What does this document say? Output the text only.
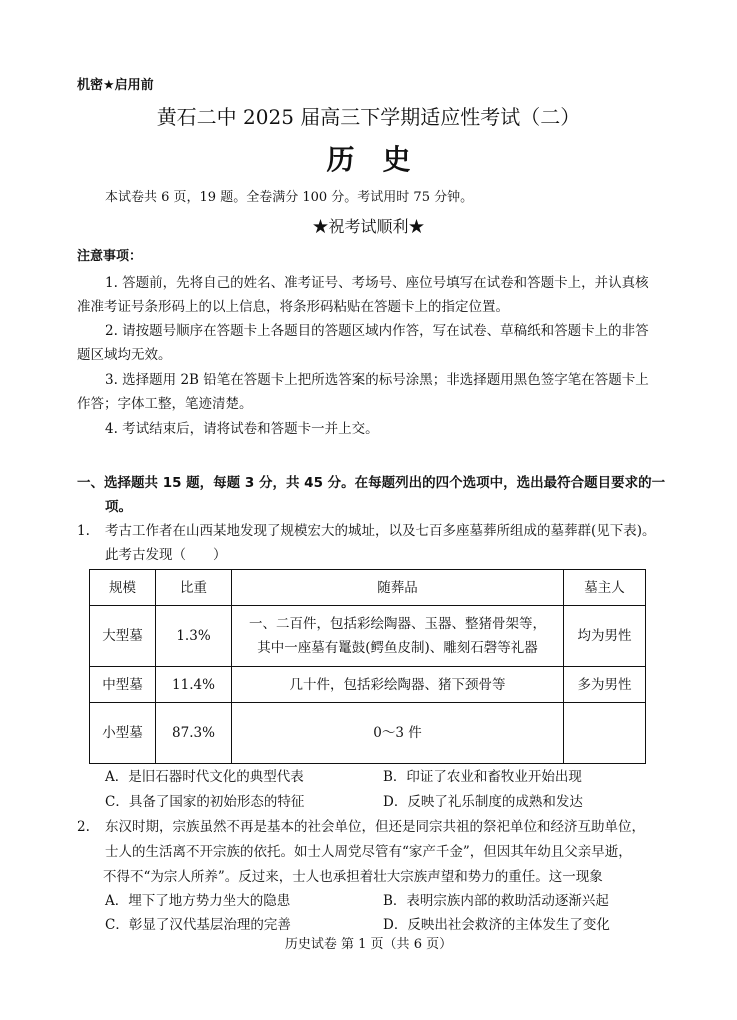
机密★启用前
黄石二中 2025 届高三下学期适应性考试（二）
历　史
本试卷共 6 页，19 题。全卷满分 100 分。考试用时 75 分钟。
★祝考试顺利★
注意事项：
1. 答题前，先将自己的姓名、准考证号、考场号、座位号填写在试卷和答题卡上，并认真核
准准考证号条形码上的以上信息，将条形码粘贴在答题卡上的指定位置。
2. 请按题号顺序在答题卡上各题目的答题区域内作答，写在试卷、草稿纸和答题卡上的非答
题区域均无效。
3. 选择题用 2B 铅笔在答题卡上把所选答案的标号涂黑；非选择题用黑色签字笔在答题卡上
作答；字体工整，笔迹清楚。
4. 考试结束后，请将试卷和答题卡一并上交。
一、选择题共 15 题，每题 3 分，共 45 分。在每题列出的四个选项中，选出最符合题目要求的一
项。
1. 考古工作者在山西某地发现了规模宏大的城址，以及七百多座墓葬所组成的墓葬群(见下表)。
此考古发现（　　）
规模	比重	随葬品	墓主人
大型墓	1.3%	一、二百件，包括彩绘陶器、玉器、整猪骨架等，
其中一座墓有鼍鼓(鳄鱼皮制)、雕刻石磬等礼器	均为男性
中型墓	11.4%	几十件，包括彩绘陶器、猪下颈骨等	多为男性
小型墓	87.3%	0～3 件	
A．是旧石器时代文化的典型代表	B．印证了农业和畜牧业开始出现
C．具备了国家的初始形态的特征	D．反映了礼乐制度的成熟和发达
2. 东汉时期，宗族虽然不再是基本的社会单位，但还是同宗共祖的祭祀单位和经济互助单位，
士人的生活离不开宗族的依托。如士人周党尽管有“家产千金”，但因其年幼且父亲早逝，
不得不“为宗人所养”。反过来，士人也承担着壮大宗族声望和势力的重任。这一现象
A．埋下了地方势力坐大的隐患	B．表明宗族内部的救助活动逐渐兴起
C．彰显了汉代基层治理的完善	D．反映出社会救济的主体发生了变化
历史试卷 第 1 页（共 6 页）
